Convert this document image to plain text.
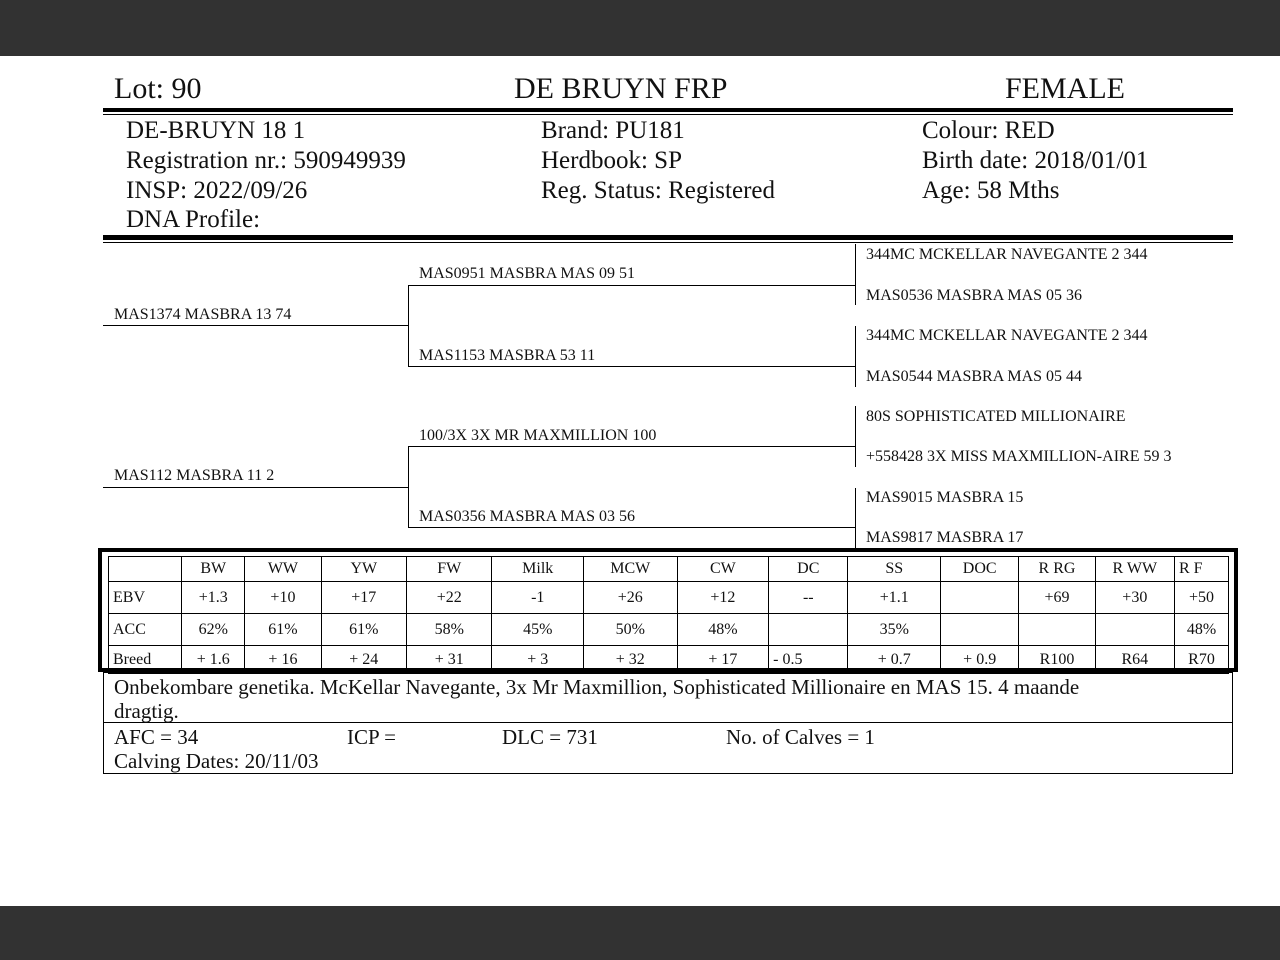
Lot: 90	DE BRUYN FRP	FEMALE
DE-BRUYN 18 1
Registration nr.: 590949939
INSP: 2022/09/26
DNA Profile:
Brand: PU181
Herdbook: SP
Reg. Status: Registered
Colour: RED
Birth date: 2018/01/01
Age: 58 Mths
MAS1374 MASBRA 13 74
MAS112 MASBRA 11 2
MAS0951 MASBRA MAS 09 51
MAS1153 MASBRA 53 11
100/3X 3X MR MAXMILLION 100
MAS0356 MASBRA MAS 03 56
344MC MCKELLAR NAVEGANTE 2 344
MAS0536 MASBRA MAS 05 36
344MC MCKELLAR NAVEGANTE 2 344
MAS0544 MASBRA MAS 05 44
80S SOPHISTICATED MILLIONAIRE
+558428 3X MISS MAXMILLION-AIRE 59 3
MAS9015 MASBRA 15
MAS9817 MASBRA 17
	BW	WW	YW	FW	Milk	MCW	CW	DC	SS	DOC	R RG	R WW	R F
EBV	+1.3	+10	+17	+22	-1	+26	+12	--	+1.1		+69	+30	+50
ACC	62%	61%	61%	58%	45%	50%	48%		35%				48%
Breed	+ 1.6	+ 16	+ 24	+ 31	+ 3	+ 32	+ 17	- 0.5	+ 0.7	+ 0.9	R100	R64	R70
Onbekombare genetika. McKellar Navegante, 3x Mr Maxmillion, Sophisticated Millionaire en MAS 15. 4 maande
dragtig.
AFC = 34	ICP =	DLC = 731	No. of Calves = 1
Calving Dates: 20/11/03
